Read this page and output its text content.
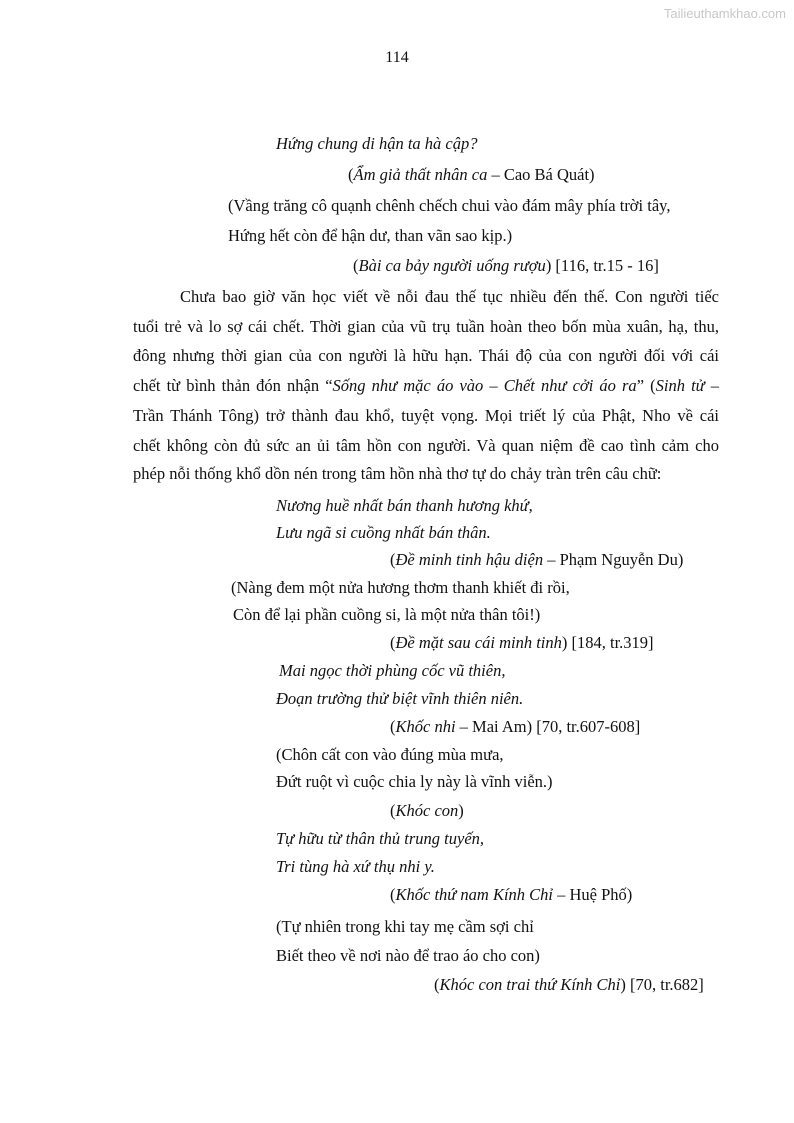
Tailieuthamkhao.com
114
Hứng chung di hận ta hà cập?
(Ẩm giả thất nhân ca – Cao Bá Quát)
(Vầng trăng cô quạnh chênh chếch chui vào đám mây phía trời tây,
Hứng hết còn để hận dư, than vãn sao kịp.)
(Bài ca bảy người uống rượu) [116, tr.15 - 16]
Chưa bao giờ văn học viết về nỗi đau thế tục nhiều đến thế. Con người tiếc
tuổi trẻ và lo sợ cái chết. Thời gian của vũ trụ tuần hoàn theo bốn mùa xuân, hạ, thu,
đông nhưng thời gian của con người là hữu hạn. Thái độ của con người đối với cái
chết từ bình thản đón nhận “Sống như mặc áo vào – Chết như cởi áo ra” (Sinh tử –
Trần Thánh Tông) trở thành đau khổ, tuyệt vọng. Mọi triết lý của Phật, Nho về cái
chết không còn đủ sức an ủi tâm hồn con người. Và quan niệm đề cao tình cảm cho
phép nỗi thống khổ dồn nén trong tâm hồn nhà thơ tự do chảy tràn trên câu chữ:
Nương huề nhất bán thanh hương khứ,
Lưu ngã si cuồng nhất bán thân.
(Đề minh tinh hậu diện – Phạm Nguyễn Du)
(Nàng đem một nửa hương thơm thanh khiết đi rồi,
Còn để lại phần cuồng si, là một nửa thân tôi!)
(Đề mặt sau cái minh tinh) [184, tr.319]
Mai ngọc thời phùng cốc vũ thiên,
Đoạn trường thử biệt vĩnh thiên niên.
(Khốc nhi – Mai Am) [70, tr.607-608]
(Chôn cất con vào đúng mùa mưa,
Đứt ruột vì cuộc chia ly này là vĩnh viễn.)
(Khóc con)
Tự hữu từ thân thủ trung tuyến,
Tri tùng hà xứ thụ nhi y.
(Khốc thứ nam Kính Chỉ – Huệ Phố)
(Tự nhiên trong khi tay mẹ cầm sợi chỉ
Biết theo về nơi nào để trao áo cho con)
(Khóc con trai thứ Kính Chỉ) [70, tr.682]
